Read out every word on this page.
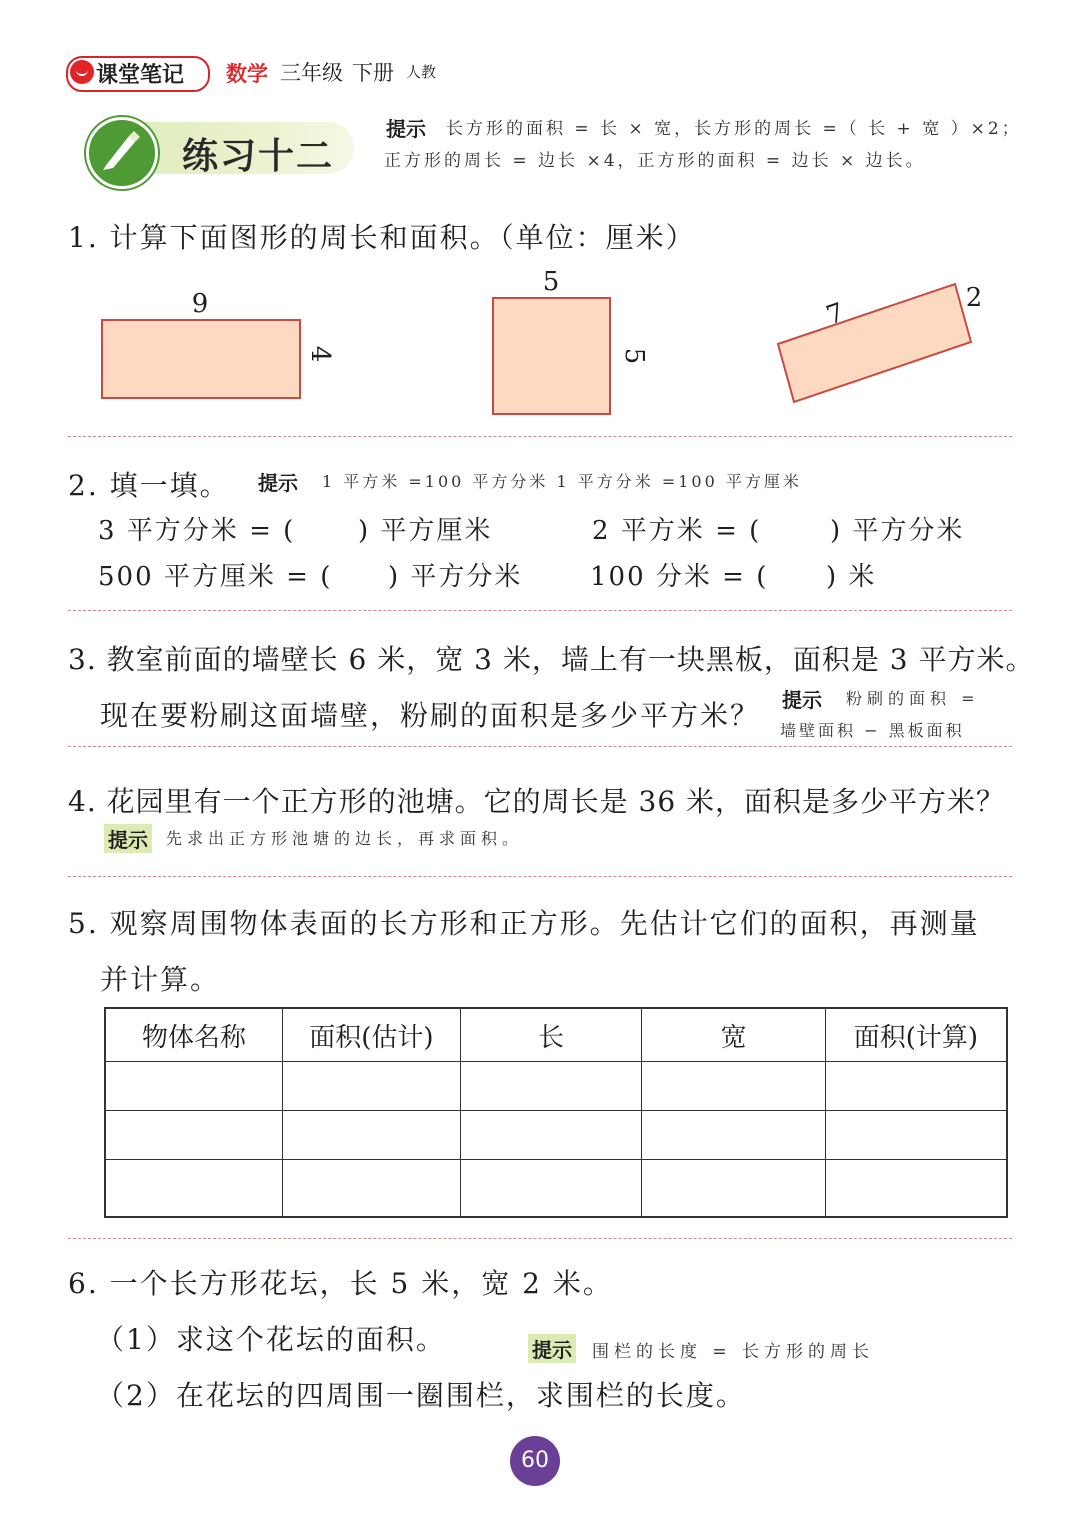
课堂笔记 数学 三年级 下册 人教
练习十二
提示 长方形的面积 = 长 × 宽，长方形的周长 =（ 长 + 宽 ）×2；
正方形的周长 = 边长 ×4，正方形的面积 = 边长 × 边长。
1. 计算下面图形的周长和面积。（单位：厘米）
9
4
5
5
7	2
2. 填一填。 提示 1 平方米 =100 平方分米 1 平方分米 =100 平方厘米
3 平方分米 = ( ) 平方厘米	2 平方米 = (	) 平方分米
500 平方厘米 = ( ) 平方分米	100 分米 = ( ) 米
3. 教室前面的墙壁长 6 米，宽 3 米，墙上有一块黑板，面积是 3 平方米。
现在要粉刷这面墙壁，粉刷的面积是多少平方米？ 提示 粉刷的面积 =
墙壁面积 − 黑板面积
4. 花园里有一个正方形的池塘。它的周长是 36 米，面积是多少平方米？
提示 先求出正方形池塘的边长，再求面积。
5. 观察周围物体表面的长方形和正方形。先估计它们的面积，再测量
并计算。
物体名称	面积(估计)	长	宽	面积(计算)

6. 一个长方形花坛，长 5 米，宽 2 米。
（1）求这个花坛的面积。	提示 围栏的长度 = 长方形的周长
（2）在花坛的四周围一圈围栏，求围栏的长度。
60
